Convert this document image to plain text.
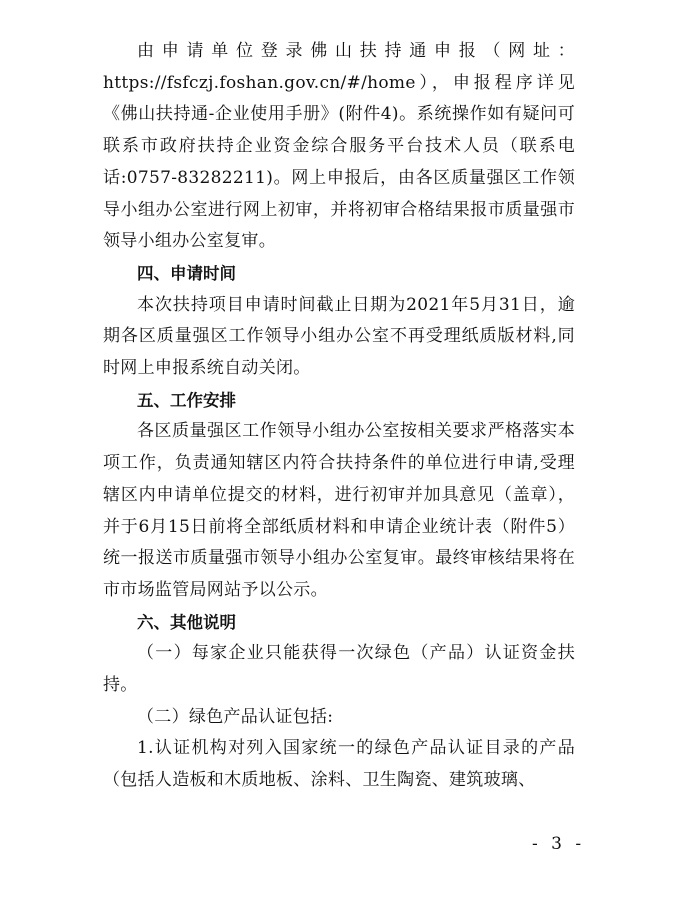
由申请单位登录佛山扶持通申报（网址：https://fsfczj.foshan.gov.cn/#/home），申报程序详见《佛山扶持通-企业使用手册》(附件4)。系统操作如有疑问可联系市政府扶持企业资金综合服务平台技术人员（联系电话:0757-83282211)。网上申报后，由各区质量强区工作领导小组办公室进行网上初审，并将初审合格结果报市质量强市领导小组办公室复审。

四、申请时间

本次扶持项目申请时间截止日期为2021年5月31日，逾期各区质量强区工作领导小组办公室不再受理纸质版材料,同时网上申报系统自动关闭。

五、工作安排

各区质量强区工作领导小组办公室按相关要求严格落实本项工作，负责通知辖区内符合扶持条件的单位进行申请,受理辖区内申请单位提交的材料，进行初审并加具意见（盖章），并于6月15日前将全部纸质材料和申请企业统计表（附件5）统一报送市质量强市领导小组办公室复审。最终审核结果将在市市场监管局网站予以公示。

六、其他说明

（一）每家企业只能获得一次绿色（产品）认证资金扶持。

（二）绿色产品认证包括:

1.认证机构对列入国家统一的绿色产品认证目录的产品（包括人造板和木质地板、涂料、卫生陶瓷、建筑玻璃、

- 3 -
